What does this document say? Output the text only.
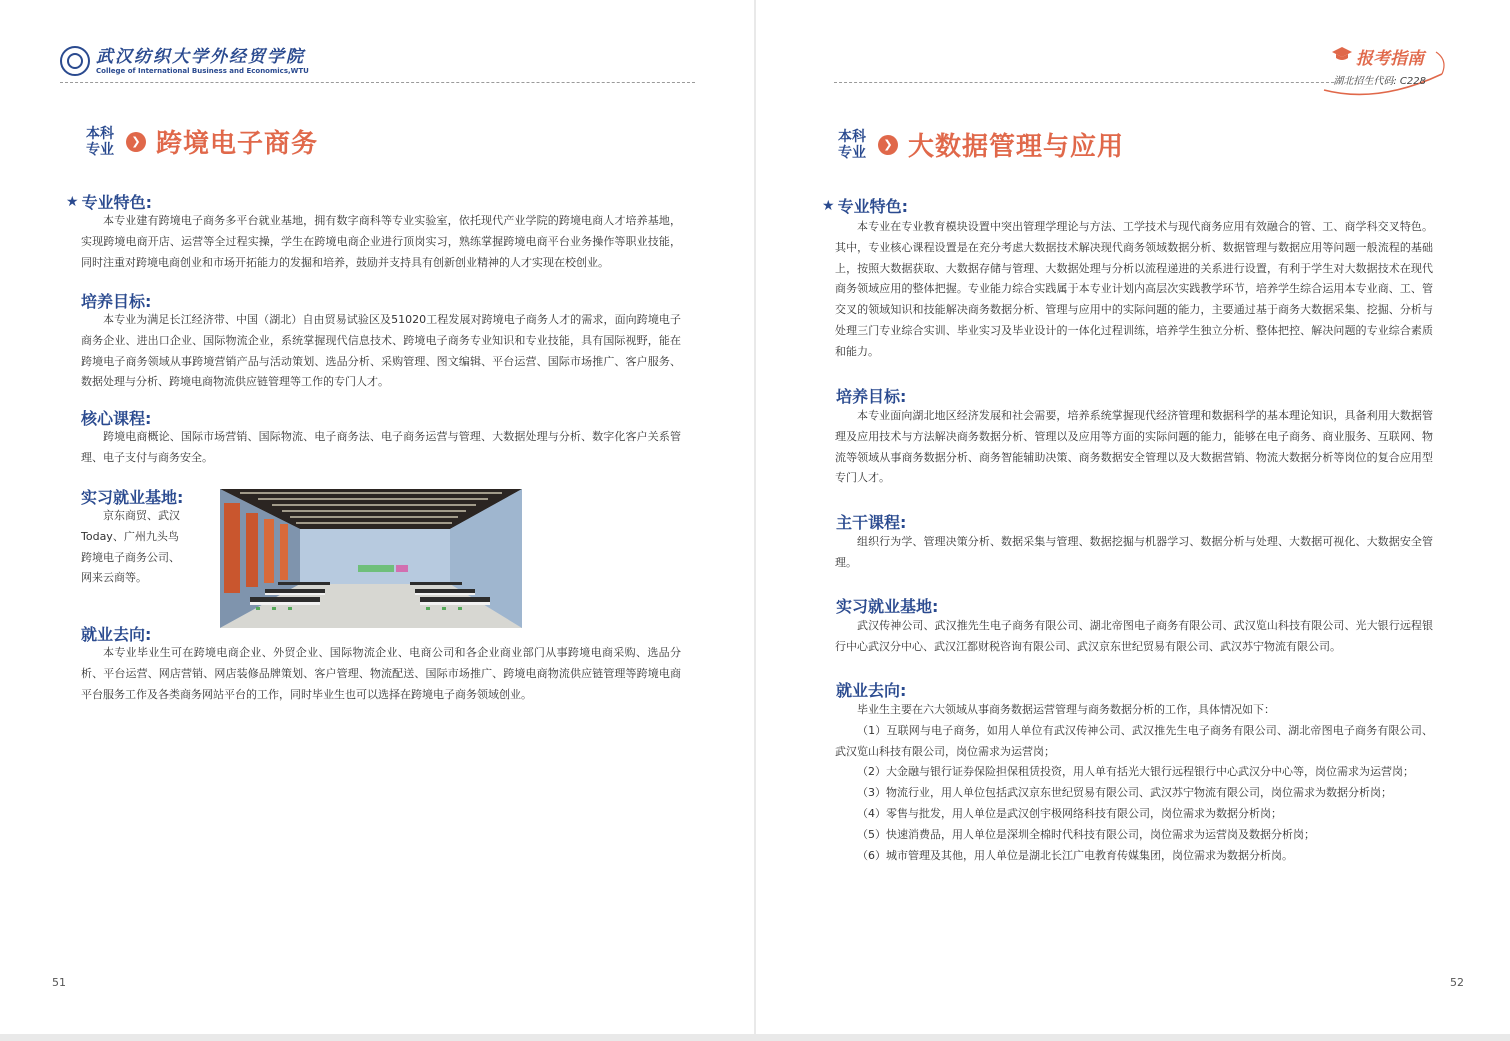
武汉纺织大学外经贸学院
College of International Business and Economics,WTU
本科
专业	❯ 跨境电子商务
★ 专业特色:

本专业建有跨境电子商务多平台就业基地，拥有数字商科等专业实验室，依托现代产业学院的跨境电商人才培养基地，实现跨境电商开店、运营等全过程实操，学生在跨境电商企业进行顶岗实习，熟练掌握跨境电商平台业务操作等职业技能，同时注重对跨境电商创业和市场开拓能力的发掘和培养，鼓励并支持具有创新创业精神的人才实现在校创业。

培养目标:

本专业为满足长江经济带、中国（湖北）自由贸易试验区及51020工程发展对跨境电子商务人才的需求，面向跨境电子商务企业、进出口企业、国际物流企业，系统掌握现代信息技术、跨境电子商务专业知识和专业技能，具有国际视野，能在跨境电子商务领域从事跨境营销产品与活动策划、选品分析、采购管理、图文编辑、平台运营、国际市场推广、客户服务、数据处理与分析、跨境电商物流供应链管理等工作的专门人才。

核心课程:

跨境电商概论、国际市场营销、国际物流、电子商务法、电子商务运营与管理、大数据处理与分析、数字化客户关系管理、电子支付与商务安全。

实习就业基地:

京东商贸、武汉

Today、广州九头鸟

跨境电子商务公司、

网来云商等。

就业去向:

本专业毕业生可在跨境电商企业、外贸企业、国际物流企业、电商公司和各企业商业部门从事跨境电商采购、选品分析、平台运营、网店营销、网店装修品牌策划、客户管理、物流配送、国际市场推广、跨境电商物流供应链管理等跨境电商平台服务工作及各类商务网站平台的工作，同时毕业生也可以选择在跨境电子商务领域创业。

51
报考指南
湖北招生代码: C228
本科
专业	❯ 大数据管理与应用
★ 专业特色:

本专业在专业教育模块设置中突出管理学理论与方法、工学技术与现代商务应用有效融合的管、工、商学科交叉特色。其中，专业核心课程设置是在充分考虑大数据技术解决现代商务领域数据分析、数据管理与数据应用等问题一般流程的基础上，按照大数据获取、大数据存储与管理、大数据处理与分析以流程递进的关系进行设置，有利于学生对大数据技术在现代商务领域应用的整体把握。专业能力综合实践属于本专业计划内高层次实践教学环节，培养学生综合运用本专业商、工、管交叉的领域知识和技能解决商务数据分析、管理与应用中的实际问题的能力，主要通过基于商务大数据采集、挖掘、分析与处理三门专业综合实训、毕业实习及毕业设计的一体化过程训练，培养学生独立分析、整体把控、解决问题的专业综合素质和能力。

培养目标:

本专业面向湖北地区经济发展和社会需要，培养系统掌握现代经济管理和数据科学的基本理论知识，具备利用大数据管理及应用技术与方法解决商务数据分析、管理以及应用等方面的实际问题的能力，能够在电子商务、商业服务、互联网、物流等领域从事商务数据分析、商务智能辅助决策、商务数据安全管理以及大数据营销、物流大数据分析等岗位的复合应用型专门人才。

主干课程:

组织行为学、管理决策分析、数据采集与管理、数据挖掘与机器学习、数据分析与处理、大数据可视化、大数据安全管理。

实习就业基地:

武汉传神公司、武汉推先生电子商务有限公司、湖北帝图电子商务有限公司、武汉览山科技有限公司、光大银行远程银行中心武汉分中心、武汉江都财税咨询有限公司、武汉京东世纪贸易有限公司、武汉苏宁物流有限公司。

就业去向:

毕业生主要在六大领域从事商务数据运营管理与商务数据分析的工作，具体情况如下：

（1）互联网与电子商务，如用人单位有武汉传神公司、武汉推先生电子商务有限公司、湖北帝图电子商务有限公司、武汉览山科技有限公司，岗位需求为运营岗；

（2）大金融与银行证券保险担保租赁投资，用人单有括光大银行远程银行中心武汉分中心等，岗位需求为运营岗；

（3）物流行业，用人单位包括武汉京东世纪贸易有限公司、武汉苏宁物流有限公司，岗位需求为数据分析岗；

（4）零售与批发，用人单位是武汉创宇极网络科技有限公司，岗位需求为数据分析岗；

（5）快速消费品，用人单位是深圳全棉时代科技有限公司，岗位需求为运营岗及数据分析岗；

（6）城市管理及其他，用人单位是湖北长江广电教育传媒集团，岗位需求为数据分析岗。

52
